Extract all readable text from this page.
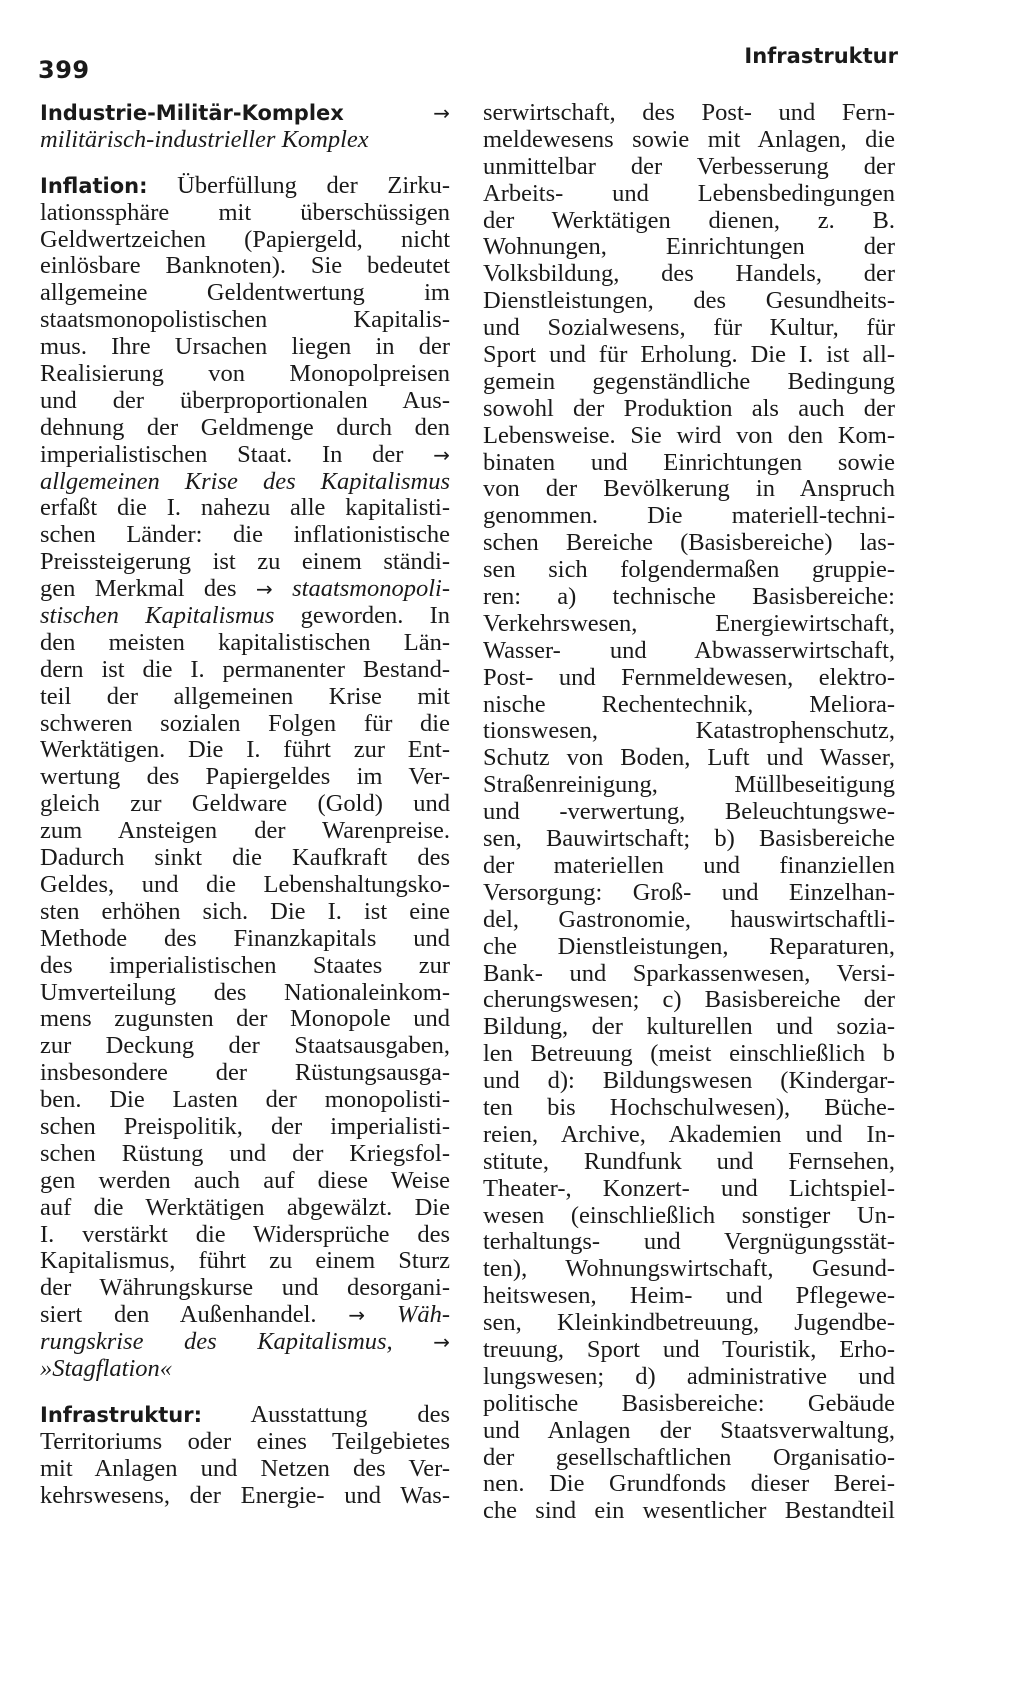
399	Infrastruktur
Industrie-Militär-Komplex	→
militärisch-industrieller Komplex
Inflation: Überfüllung der Zirku-
lationssphäre mit überschüssigen
Geldwertzeichen (Papiergeld, nicht
einlösbare Banknoten). Sie bedeutet
allgemeine Geldentwertung im
staatsmonopolistischen Kapitalis-
mus. Ihre Ursachen liegen in der
Realisierung von Monopolpreisen
und der überproportionalen Aus-
dehnung der Geldmenge durch den
imperialistischen Staat. In der →
allgemeinen Krise des Kapitalismus
erfaßt die I. nahezu alle kapitalisti-
schen Länder: die inflationistische
Preissteigerung ist zu einem ständi-
gen Merkmal des → staatsmonopoli-
stischen Kapitalismus geworden. In
den meisten kapitalistischen Län-
dern ist die I. permanenter Bestand-
teil der allgemeinen Krise mit
schweren sozialen Folgen für die
Werktätigen. Die I. führt zur Ent-
wertung des Papiergeldes im Ver-
gleich zur Geldware (Gold) und
zum Ansteigen der Warenpreise.
Dadurch sinkt die Kaufkraft des
Geldes, und die Lebenshaltungsko-
sten erhöhen sich. Die I. ist eine
Methode des Finanzkapitals und
des imperialistischen Staates zur
Umverteilung des Nationaleinkom-
mens zugunsten der Monopole und
zur Deckung der Staatsausgaben,
insbesondere der Rüstungsausga-
ben. Die Lasten der monopolisti-
schen Preispolitik, der imperialisti-
schen Rüstung und der Kriegsfol-
gen werden auch auf diese Weise
auf die Werktätigen abgewälzt. Die
I. verstärkt die Widersprüche des
Kapitalismus, führt zu einem Sturz
der Währungskurse und desorgani-
siert den Außenhandel. → Wäh-
rungskrise des Kapitalismus, →
»Stagflation«
Infrastruktur: Ausstattung des
Territoriums oder eines Teilgebietes
mit Anlagen und Netzen des Ver-
kehrswesens, der Energie- und Was-
serwirtschaft, des Post- und Fern-
meldewesens sowie mit Anlagen, die
unmittelbar der Verbesserung der
Arbeits- und Lebensbedingungen
der Werktätigen dienen, z. B.
Wohnungen, Einrichtungen der
Volksbildung, des Handels, der
Dienstleistungen, des Gesundheits-
und Sozialwesens, für Kultur, für
Sport und für Erholung. Die I. ist all-
gemein gegenständliche Bedingung
sowohl der Produktion als auch der
Lebensweise. Sie wird von den Kom-
binaten und Einrichtungen sowie
von der Bevölkerung in Anspruch
genommen. Die materiell-techni-
schen Bereiche (Basisbereiche) las-
sen sich folgendermaßen gruppie-
ren: a) technische Basisbereiche:
Verkehrswesen, Energiewirtschaft,
Wasser- und Abwasserwirtschaft,
Post- und Fernmeldewesen, elektro-
nische Rechentechnik, Meliora-
tionswesen, Katastrophenschutz,
Schutz von Boden, Luft und Wasser,
Straßenreinigung, Müllbeseitigung
und -verwertung, Beleuchtungswe-
sen, Bauwirtschaft; b) Basisbereiche
der materiellen und finanziellen
Versorgung: Groß- und Einzelhan-
del, Gastronomie, hauswirtschaftli-
che Dienstleistungen, Reparaturen,
Bank- und Sparkassenwesen, Versi-
cherungswesen; c) Basisbereiche der
Bildung, der kulturellen und sozia-
len Betreuung (meist einschließlich b
und d): Bildungswesen (Kindergar-
ten bis Hochschulwesen), Büche-
reien, Archive, Akademien und In-
stitute, Rundfunk und Fernsehen,
Theater-, Konzert- und Lichtspiel-
wesen (einschließlich sonstiger Un-
terhaltungs- und Vergnügungsstät-
ten), Wohnungswirtschaft, Gesund-
heitswesen, Heim- und Pflegewe-
sen, Kleinkindbetreuung, Jugendbe-
treuung, Sport und Touristik, Erho-
lungswesen; d) administrative und
politische Basisbereiche: Gebäude
und Anlagen der Staatsverwaltung,
der gesellschaftlichen Organisatio-
nen. Die Grundfonds dieser Berei-
che sind ein wesentlicher Bestandteil
